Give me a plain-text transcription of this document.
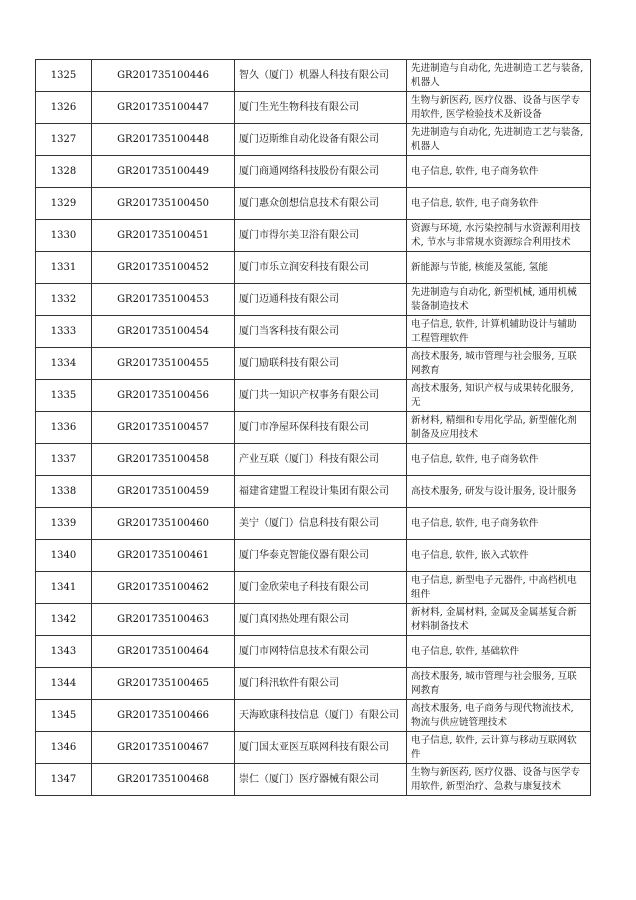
1325	GR201735100446	智久（厦门）机器人科技有限公司	先进制造与自动化, 先进制造工艺与装备, 机器人
1326	GR201735100447	厦门生光生物科技有限公司	生物与新医药, 医疗仪器、设备与医学专用软件, 医学检验技术及新设备
1327	GR201735100448	厦门迈斯维自动化设备有限公司	先进制造与自动化, 先进制造工艺与装备, 机器人
1328	GR201735100449	厦门商通网络科技股份有限公司	电子信息, 软件, 电子商务软件
1329	GR201735100450	厦门惠众创想信息技术有限公司	电子信息, 软件, 电子商务软件
1330	GR201735100451	厦门市得尔美卫浴有限公司	资源与环境, 水污染控制与水资源利用技术, 节水与非常规水资源综合利用技术
1331	GR201735100452	厦门市乐立润安科技有限公司	新能源与节能, 核能及氢能, 氢能
1332	GR201735100453	厦门迈通科技有限公司	先进制造与自动化, 新型机械, 通用机械装备制造技术
1333	GR201735100454	厦门当客科技有限公司	电子信息, 软件, 计算机辅助设计与辅助工程管理软件
1334	GR201735100455	厦门励联科技有限公司	高技术服务, 城市管理与社会服务, 互联网教育
1335	GR201735100456	厦门共一知识产权事务有限公司	高技术服务, 知识产权与成果转化服务, 无
1336	GR201735100457	厦门市净屋环保科技有限公司	新材料, 精细和专用化学品, 新型催化剂制备及应用技术
1337	GR201735100458	产业互联（厦门）科技有限公司	电子信息, 软件, 电子商务软件
1338	GR201735100459	福建省建盟工程设计集团有限公司	高技术服务, 研发与设计服务, 设计服务
1339	GR201735100460	美宁（厦门）信息科技有限公司	电子信息, 软件, 电子商务软件
1340	GR201735100461	厦门华泰克智能仪器有限公司	电子信息, 软件, 嵌入式软件
1341	GR201735100462	厦门金欣荣电子科技有限公司	电子信息, 新型电子元器件, 中高档机电组件
1342	GR201735100463	厦门真冈热处理有限公司	新材料, 金属材料, 金属及金属基复合新材料制备技术
1343	GR201735100464	厦门市网特信息技术有限公司	电子信息, 软件, 基础软件
1344	GR201735100465	厦门科汛软件有限公司	高技术服务, 城市管理与社会服务, 互联网教育
1345	GR201735100466	天海欧康科技信息（厦门）有限公司	高技术服务, 电子商务与现代物流技术, 物流与供应链管理技术
1346	GR201735100467	厦门国太亚医互联网科技有限公司	电子信息, 软件, 云计算与移动互联网软件
1347	GR201735100468	崇仁（厦门）医疗器械有限公司	生物与新医药, 医疗仪器、设备与医学专用软件, 新型治疗、急救与康复技术
